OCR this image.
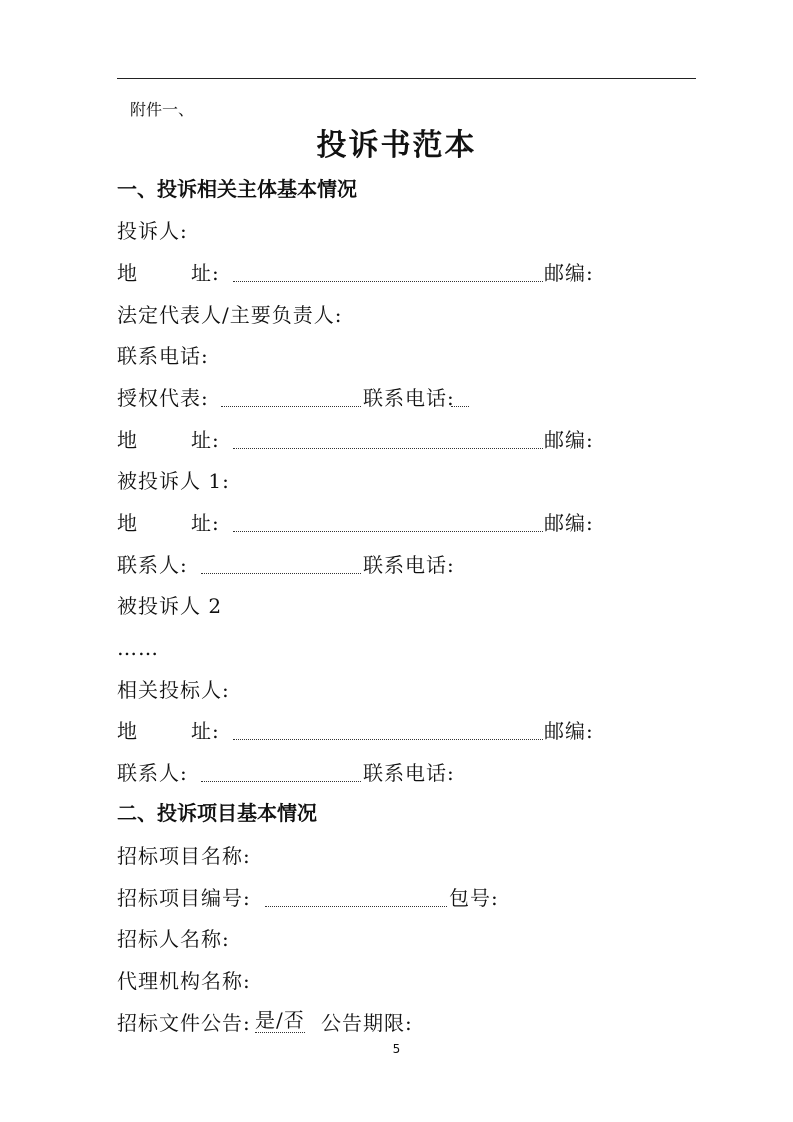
附件一、
投诉书范本
一、投诉相关主体基本情况
投诉人:
地	址:	邮编:
法定代表人/主要负责人:
联系电话:
授权代表:	联系电话:
地	址:	邮编:
被投诉人 1:
地	址:	邮编:
联系人:	联系电话:
被投诉人 2
……
相关投标人:
地	址:	邮编:
联系人:	联系电话:
二、投诉项目基本情况
招标项目名称:
招标项目编号:	包号:
招标人名称:
代理机构名称:
招标文件公告: 是/否 公告期限:
5
